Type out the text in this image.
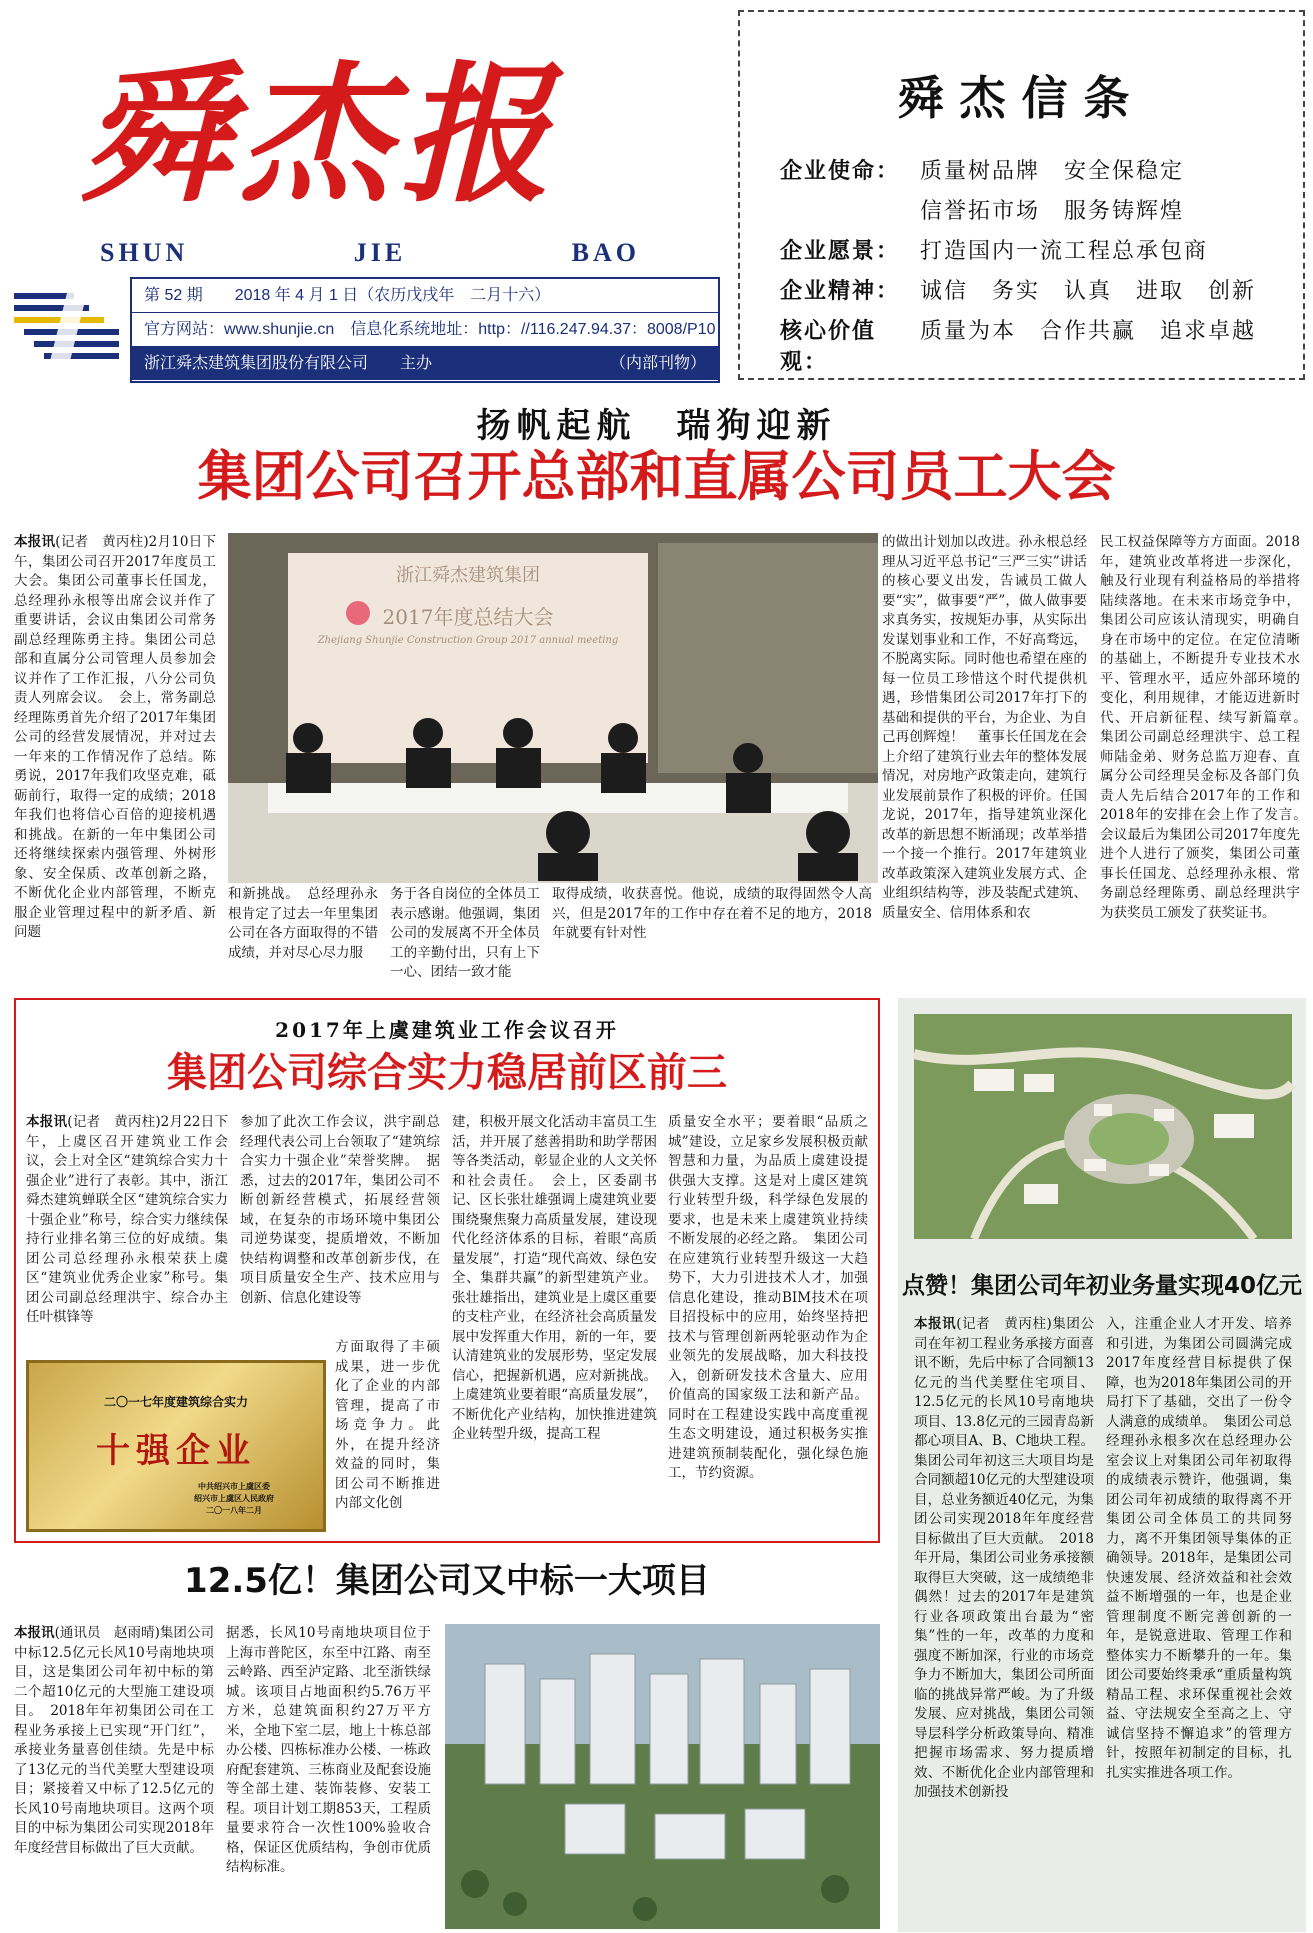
舜杰报
SHUN	JIE	BAO
第 52 期　　2018 年 4 月 1 日（农历戊戌年　二月十六）
官方网站：www.shunjie.cn　信息化系统地址：http：//116.247.94.37：8008/P10
浙江舜杰建筑集团股份有限公司　　主办	（内部刊物）
舜杰信条
企业使命： 质量树品牌　安全保稳定
信誉拓市场　服务铸辉煌
企业愿景： 打造国内一流工程总承包商
企业精神： 诚信　务实　认真　进取　创新
核心价值观：
质量为本　合作共赢　追求卓越
扬帆起航　瑞狗迎新
集团公司召开总部和直属公司员工大会
本报讯(记者　黄丙柱)2月10日下午，集团公司召开2017年度员工大会。集团公司董事长任国龙，总经理孙永根等出席会议并作了重要讲话，会议由集团公司常务副总经理陈勇主持。集团公司总部和直属分公司管理人员参加会议并作了工作汇报，八分公司负责人列席会议。　会上，常务副总经理陈勇首先介绍了2017年集团公司的经营发展情况，并对过去一年来的工作情况作了总结。陈勇说，2017年我们攻坚克难，砥砺前行，取得一定的成绩；2018年我们也将信心百倍的迎接机遇和挑战。在新的一年中集团公司还将继续探索内强管理、外树形象、安全保质、改革创新之路，不断优化企业内部管理，不断克服企业管理过程中的新矛盾、新问题
浙江舜杰建筑集团
2017年度总结大会
Zhejiang Shunjie Construction Group 2017 annual meeting
和新挑战。　总经理孙永根肯定了过去一年里集团公司在各方面取得的不错成绩，并对尽心尽力服
务于各自岗位的全体员工表示感谢。他强调，集团公司的发展离不开全体员工的辛勤付出，只有上下一心、团结一致才能
取得成绩，收获喜悦。他说，成绩的取得固然令人高兴，但是2017年的工作中存在着不足的地方，2018年就要有针对性
的做出计划加以改进。孙永根总经理从习近平总书记“三严三实”讲话的核心要义出发，告诫员工做人要“实”，做事要“严”，做人做事要求真务实，按规矩办事，从实际出发谋划事业和工作，不好高骛远，不脱离实际。同时他也希望在座的每一位员工珍惜这个时代提供机遇，珍惜集团公司2017年打下的基础和提供的平台，为企业、为自己再创辉煌！　董事长任国龙在会上介绍了建筑行业去年的整体发展情况，对房地产政策走向，建筑行业发展前景作了积极的评价。任国龙说，2017年，指导建筑业深化改革的新思想不断涌现；改革举措一个接一个推行。2017年建筑业改革政策深入建筑业发展方式、企业组织结构等，涉及装配式建筑、质量安全、信用体系和农
民工权益保障等方方面面。2018年，建筑业改革将进一步深化，触及行业现有利益格局的举措将陆续落地。在未来市场竞争中，集团公司应该认清现实，明确自身在市场中的定位。在定位清晰的基础上，不断提升专业技术水平、管理水平，适应外部环境的变化，利用规律，才能迈进新时代、开启新征程、续写新篇章。　集团公司副总经理洪宇、总工程师陆金弟、财务总监万迎春、直属分公司经理吴金标及各部门负责人先后结合2017年的工作和2018年的安排在会上作了发言。　会议最后为集团公司2017年度先进个人进行了颁奖，集团公司董事长任国龙、总经理孙永根、常务副总经理陈勇、副总经理洪宇为获奖员工颁发了获奖证书。
2017年上虞建筑业工作会议召开
集团公司综合实力稳居前区前三
本报讯(记者　黄丙柱)2月22日下午，上虞区召开建筑业工作会议，会上对全区“建筑综合实力十强企业”进行了表彰。其中，浙江舜杰建筑蝉联全区“建筑综合实力十强企业”称号，综合实力继续保持行业排名第三位的好成绩。集团公司总经理孙永根荣获上虞区“建筑业优秀企业家”称号。集团公司副总经理洪宇、综合办主任叶棋锋等
参加了此次工作会议，洪宇副总经理代表公司上台领取了“建筑综合实力十强企业”荣誉奖牌。　据悉，过去的2017年，集团公司不断创新经营模式，拓展经营领域，在复杂的市场环境中集团公司逆势谋变，提质增效，不断加快结构调整和改革创新步伐，在项目质量安全生产、技术应用与创新、信息化建设等
方面取得了丰硕成果，进一步优化了企业的内部管理，提高了市场竞争力。此外，在提升经济效益的同时，集团公司不断推进内部文化创
建，积极开展文化活动丰富员工生活，并开展了慈善捐助和助学帮困等各类活动，彰显企业的人文关怀和社会责任。　会上，区委副书记、区长张壮雄强调上虞建筑业要围绕聚焦聚力高质量发展，建设现代化经济体系的目标，着眼“高质量发展”，打造“现代高效、绿色安全、集群共赢”的新型建筑产业。张壮雄指出，建筑业是上虞区重要的支柱产业，在经济社会高质量发展中发挥重大作用，新的一年，要认清建筑业的发展形势，坚定发展信心，把握新机遇，应对新挑战。上虞建筑业要着眼“高质量发展”，不断优化产业结构，加快推进建筑企业转型升级，提高工程
质量安全水平；要着眼“品质之城”建设，立足家乡发展积极贡献智慧和力量，为品质上虞建设提供强大支撑。这是对上虞区建筑行业转型升级，科学绿色发展的要求，也是未来上虞建筑业持续不断发展的必经之路。　集团公司在应建筑行业转型升级这一大趋势下，大力引进技术人才，加强信息化建设，推动BIM技术在项目招投标中的应用，始终坚持把技术与管理创新两轮驱动作为企业领先的发展战略，加大科技投入，创新研发技术含量大、应用价值高的国家级工法和新产品。同时在工程建设实践中高度重视生态文明建设，通过积极务实推进建筑预制装配化，强化绿色施工，节约资源。
二〇一七年度建筑综合实力
十强企业
中共绍兴市上虞区委
绍兴市上虞区人民政府
二〇一八年二月
点赞！集团公司年初业务量实现40亿元
本报讯(记者　黄丙柱)集团公司在年初工程业务承接方面喜讯不断，先后中标了合同额13亿元的当代美墅住宅项目、12.5亿元的长风10号南地块项目、13.8亿元的三园青岛新都心项目A、B、C地块工程。集团公司年初这三大项目均是合同额超10亿元的大型建设项目，总业务额近40亿元，为集团公司实现2018年年度经营目标做出了巨大贡献。　2018年开局，集团公司业务承接额取得巨大突破，这一成绩绝非偶然！过去的2017年是建筑行业各项政策出台最为“密集”性的一年，改革的力度和强度不断加深，行业的市场竞争力不断加大，集团公司所面临的挑战异常严峻。为了升级发展、应对挑战，集团公司领导层科学分析政策导向、精准把握市场需求、努力提质增效、不断优化企业内部管理和加强技术创新投
入，注重企业人才开发、培养和引进，为集团公司圆满完成2017年度经营目标提供了保障，也为2018年集团公司的开局打下了基础，交出了一份令人满意的成绩单。　集团公司总经理孙永根多次在总经理办公室会议上对集团公司年初取得的成绩表示赞许，他强调，集团公司年初成绩的取得离不开集团公司全体员工的共同努力，离不开集团领导集体的正确领导。2018年，是集团公司快速发展、经济效益和社会效益不断增强的一年，也是企业管理制度不断完善创新的一年，是锐意进取、管理工作和整体实力不断攀升的一年。集团公司要始终秉承“重质量构筑精品工程、求环保重视社会效益、守法规安全至高之上、守诚信坚持不懈追求”的管理方针，按照年初制定的目标，扎扎实实推进各项工作。
12.5亿！集团公司又中标一大项目
本报讯(通讯员　赵雨晴)集团公司中标12.5亿元长风10号南地块项目，这是集团公司年初中标的第二个超10亿元的大型施工建设项目。　2018年年初集团公司在工程业务承接上已实现“开门红”，承接业务量喜创佳绩。先是中标了13亿元的当代美墅大型建设项目；紧接着又中标了12.5亿元的长风10号南地块项目。这两个项目的中标为集团公司实现2018年年度经营目标做出了巨大贡献。
据悉，长风10号南地块项目位于上海市普陀区，东至中江路、南至云岭路、西至泸定路、北至浙铁绿城。该项目占地面积约5.76万平方米，总建筑面积约27万平方米，全地下室二层，地上十栋总部办公楼、四栋标准办公楼、一栋政府配套建筑、三栋商业及配套设施等全部土建、装饰装修、安装工程。项目计划工期853天，工程质量要求符合一次性100%验收合格，保证区优质结构，争创市优质结构标准。
